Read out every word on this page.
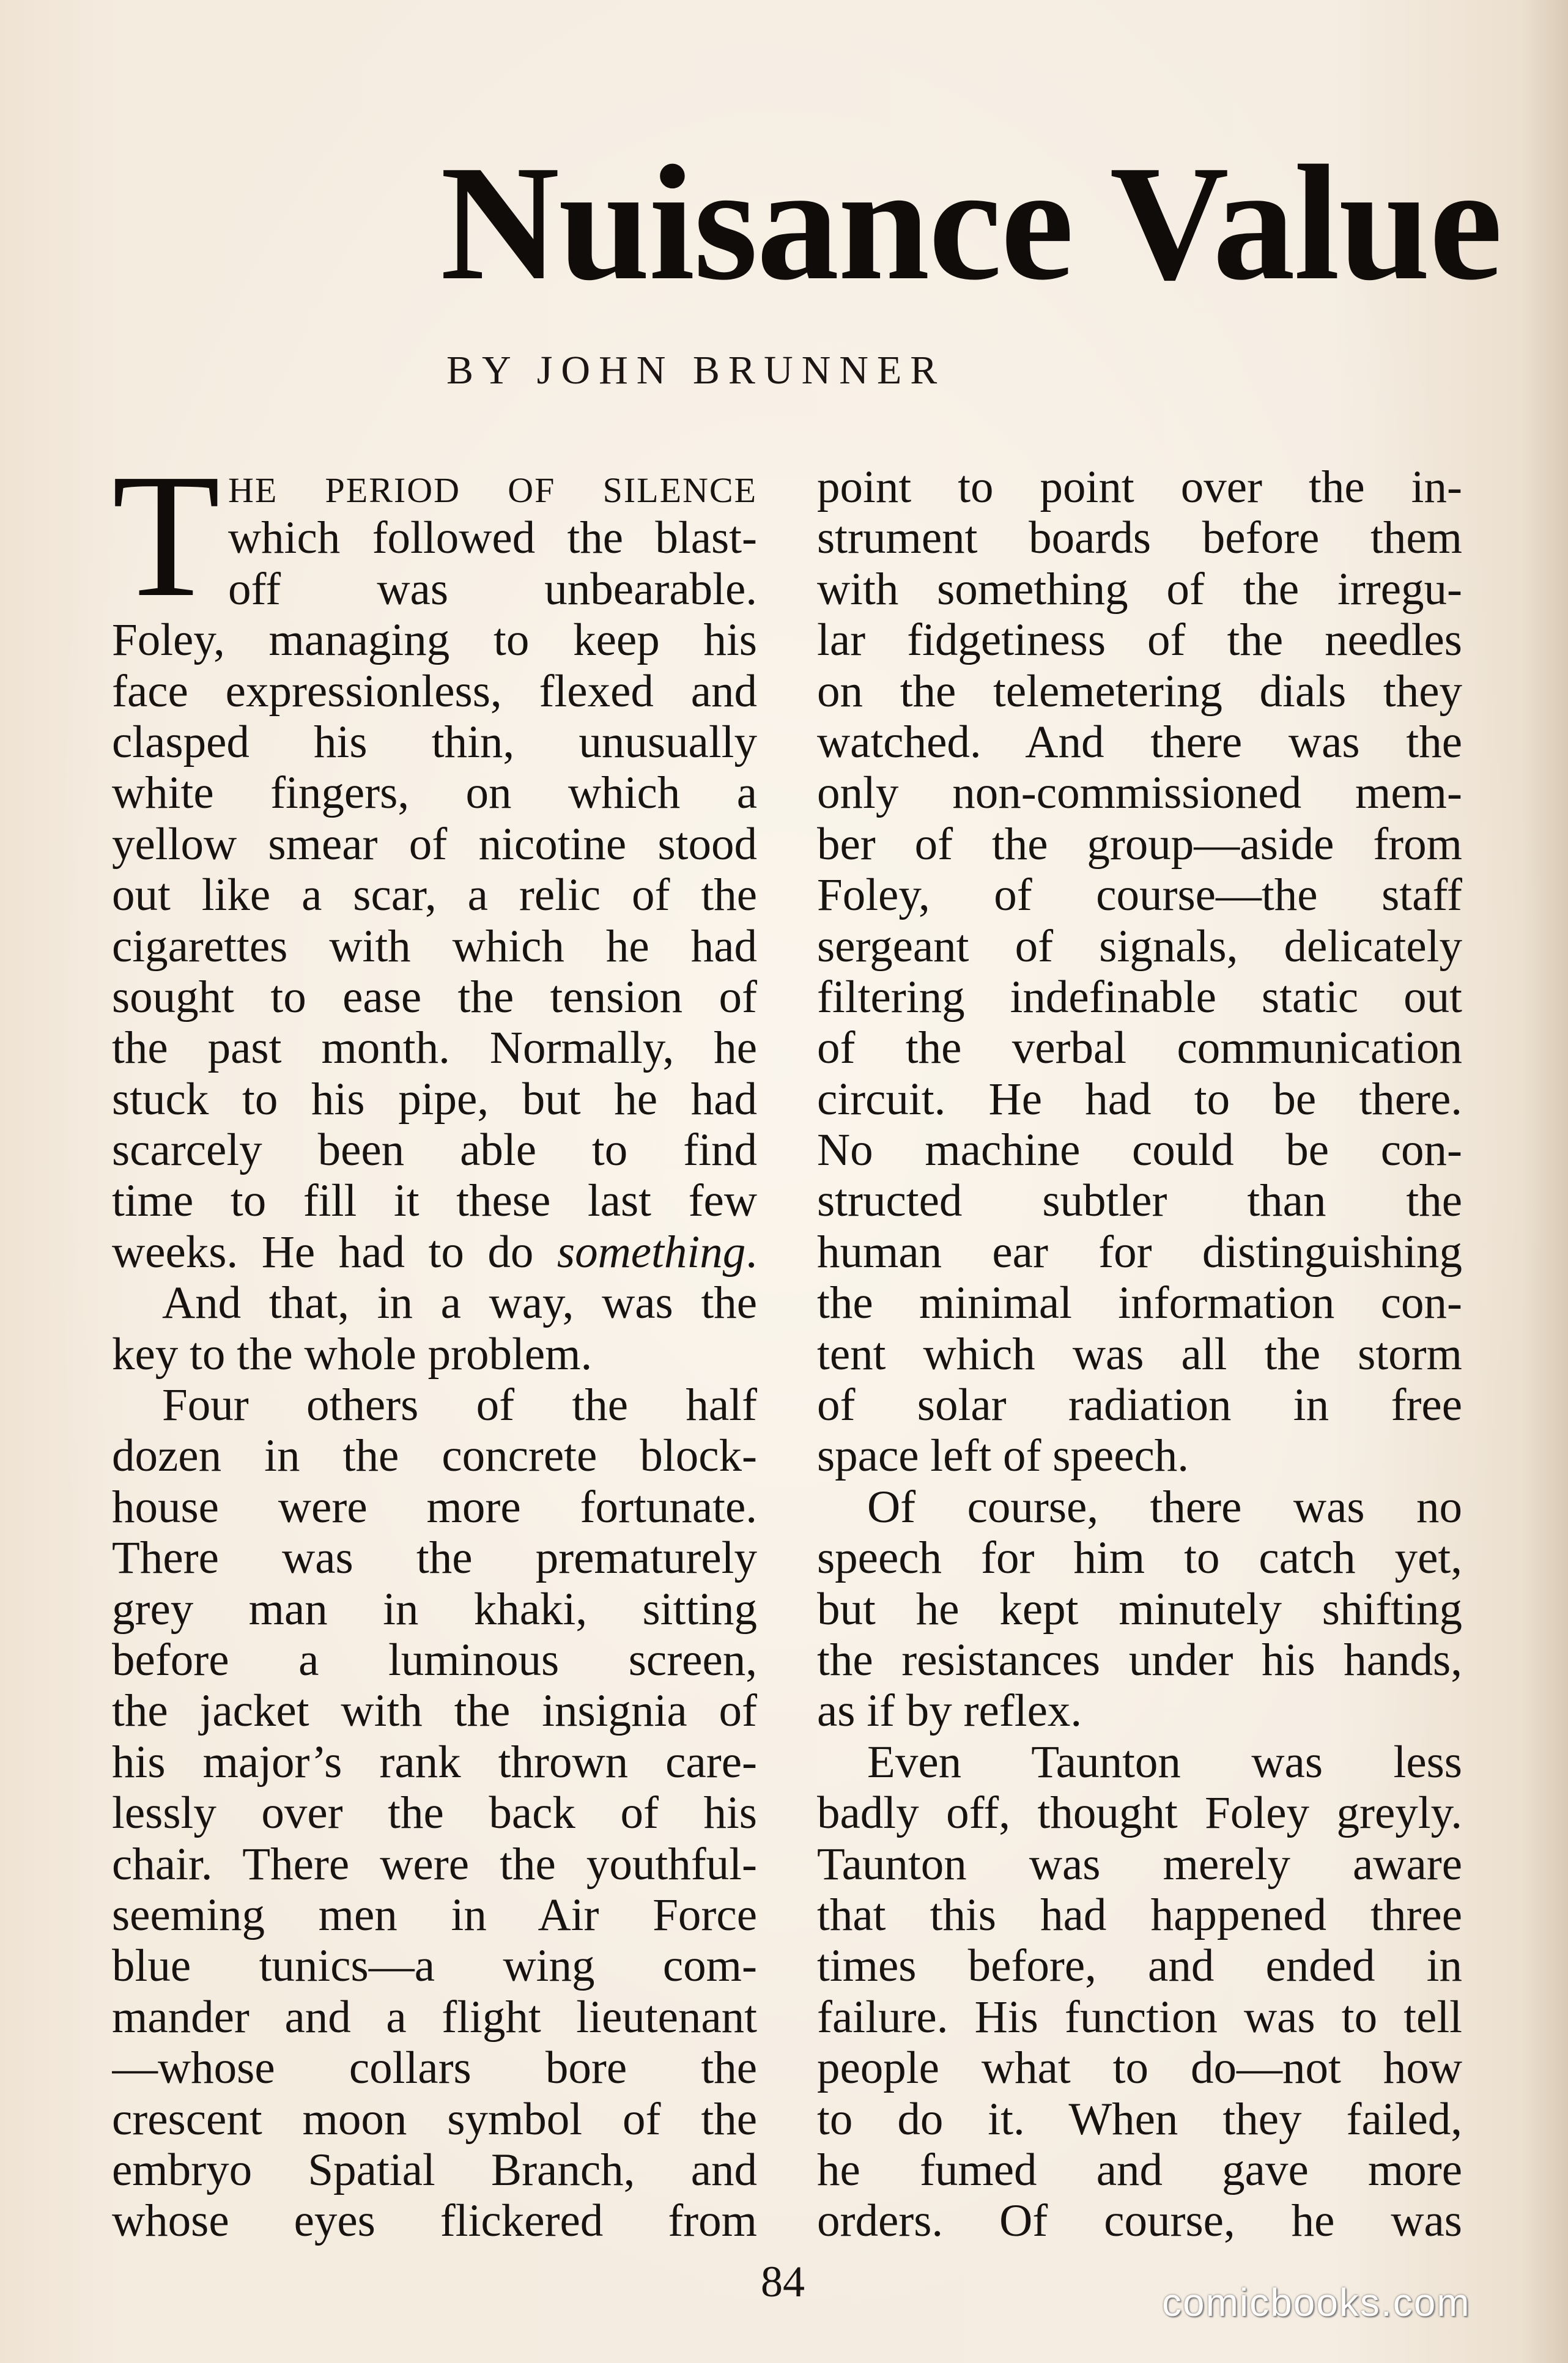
Nuisance Value

BY JOHN BRUNNER

T HE PERIOD OF SILENCE
which followed the blast-
off was unbearable.
Foley, managing to keep his
face expressionless, flexed and
clasped his thin, unusually
white fingers, on which a
yellow smear of nicotine stood
out like a scar, a relic of the
cigarettes with which he had
sought to ease the tension of
the past month. Normally, he
stuck to his pipe, but he had
scarcely been able to find
time to fill it these last few
weeks. He had to do something.
And that, in a way, was the
key to the whole problem.
Four others of the half
dozen in the concrete block-
house were more fortunate.
There was the prematurely
grey man in khaki, sitting
before a luminous screen,
the jacket with the insignia of
his major’s rank thrown care-
lessly over the back of his
chair. There were the youthful-
seeming men in Air Force
blue tunics—a wing com-
mander and a flight lieutenant
—whose collars bore the
crescent moon symbol of the
embryo Spatial Branch, and
whose eyes flickered from
point to point over the in-
strument boards before them
with something of the irregu-
lar fidgetiness of the needles
on the telemetering dials they
watched. And there was the
only non-commissioned mem-
ber of the group—aside from
Foley, of course—the staff
sergeant of signals, delicately
filtering indefinable static out
of the verbal communication
circuit. He had to be there.
No machine could be con-
structed subtler than the
human ear for distinguishing
the minimal information con-
tent which was all the storm
of solar radiation in free
space left of speech.
Of course, there was no
speech for him to catch yet,
but he kept minutely shifting
the resistances under his hands,
as if by reflex.
Even Taunton was less
badly off, thought Foley greyly.
Taunton was merely aware
that this had happened three
times before, and ended in
failure. His function was to tell
people what to do—not how
to do it. When they failed,
he fumed and gave more
orders. Of course, he was

84	comicbooks.com
